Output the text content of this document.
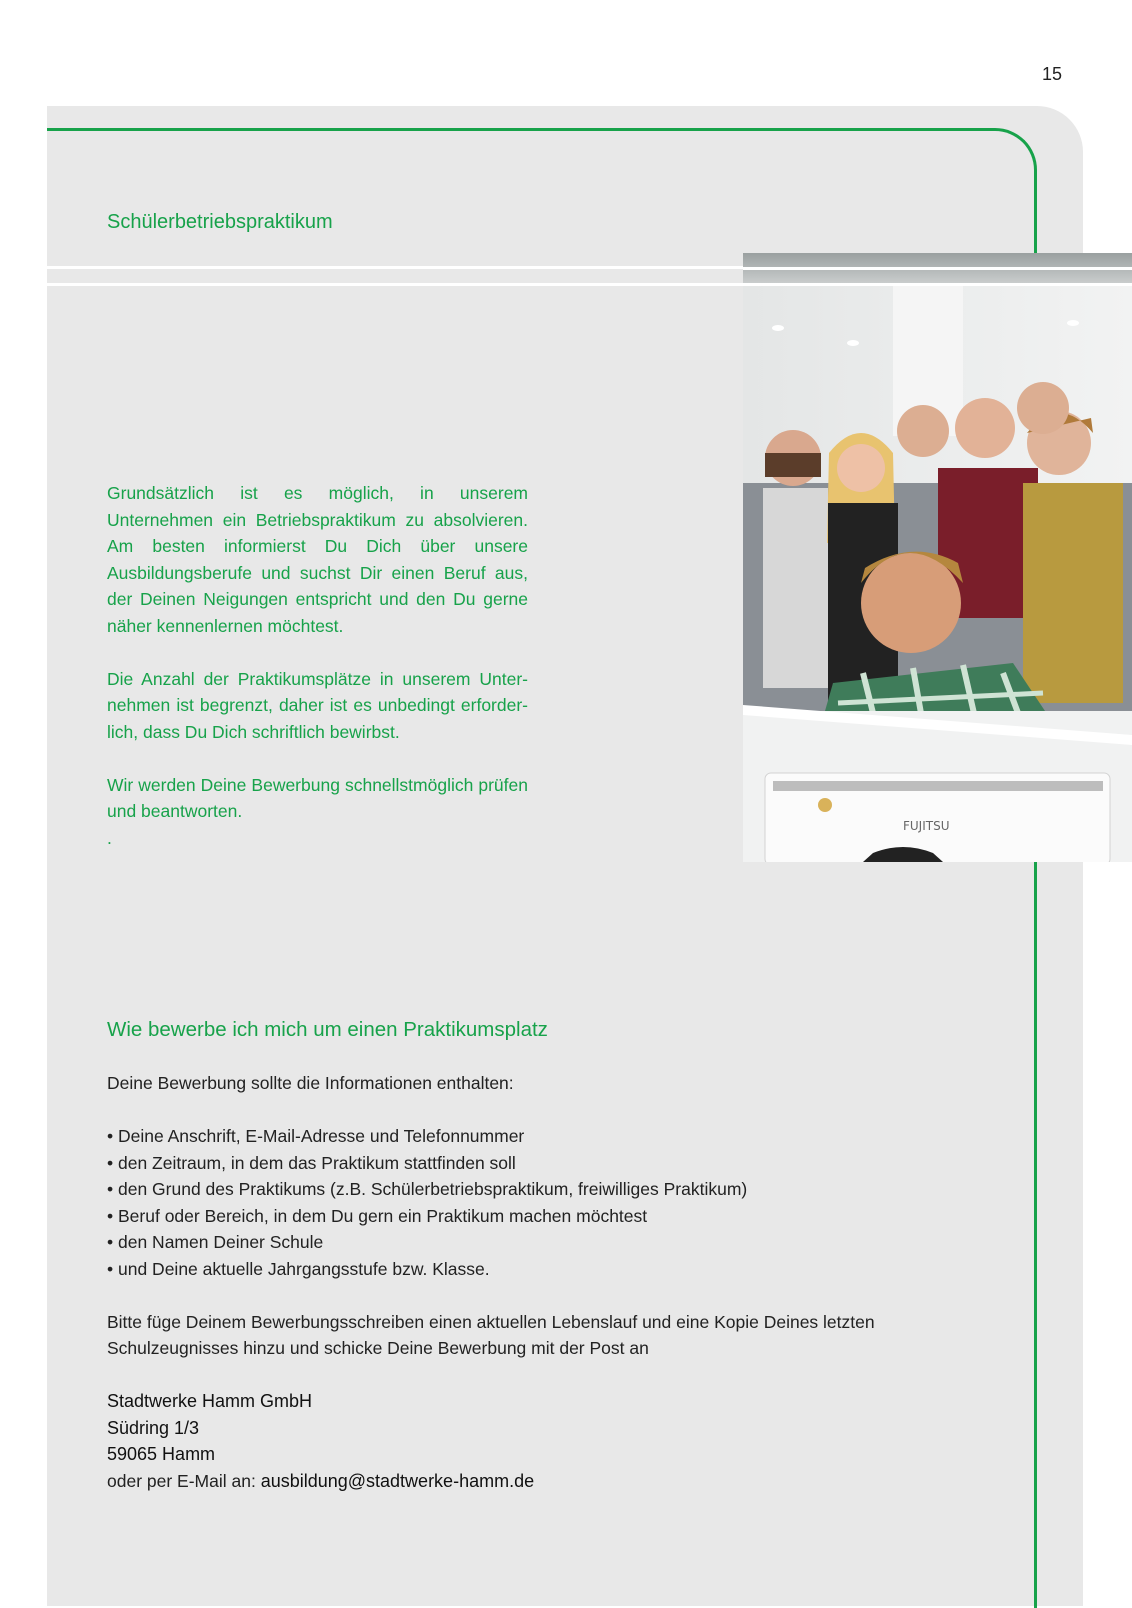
15
Schülerbetriebspraktikum

Grundsätzlich ist es möglich, in unserem Unternehmen ein Betriebspraktikum zu absolvieren. Am besten informierst Du Dich über unsere Ausbildungsberufe und suchst Dir einen Beruf aus, der Deinen Neigungen entspricht und den Du gerne näher kennenlernen möchtest.

Die Anzahl der Praktikumsplätze in unserem Unter-nehmen ist begrenzt, daher ist es unbedingt erforder-lich, dass Du Dich schriftlich bewirbst.

Wir werden Deine Bewerbung schnellstmöglich prüfen und beantworten.

.
FUJITSU
Wie bewerbe ich mich um einen Praktikumsplatz

Deine Bewerbung sollte die Informationen enthalten:

• Deine Anschrift, E-Mail-Adresse und Telefonnummer
• den Zeitraum, in dem das Praktikum stattfinden soll
• den Grund des Praktikums (z.B. Schülerbetriebspraktikum, freiwilliges Praktikum)
• Beruf oder Bereich, in dem Du gern ein Praktikum machen möchtest
• den Namen Deiner Schule
• und Deine aktuelle Jahrgangsstufe bzw. Klasse.

Bitte füge Deinem Bewerbungsschreiben einen aktuellen Lebenslauf und eine Kopie Deines letzten Schulzeugnisses hinzu und schicke Deine Bewerbung mit der Post an

Stadtwerke Hamm GmbH
Südring 1/3
59065 Hamm
oder per E-Mail an: ausbildung@stadtwerke-hamm.de
